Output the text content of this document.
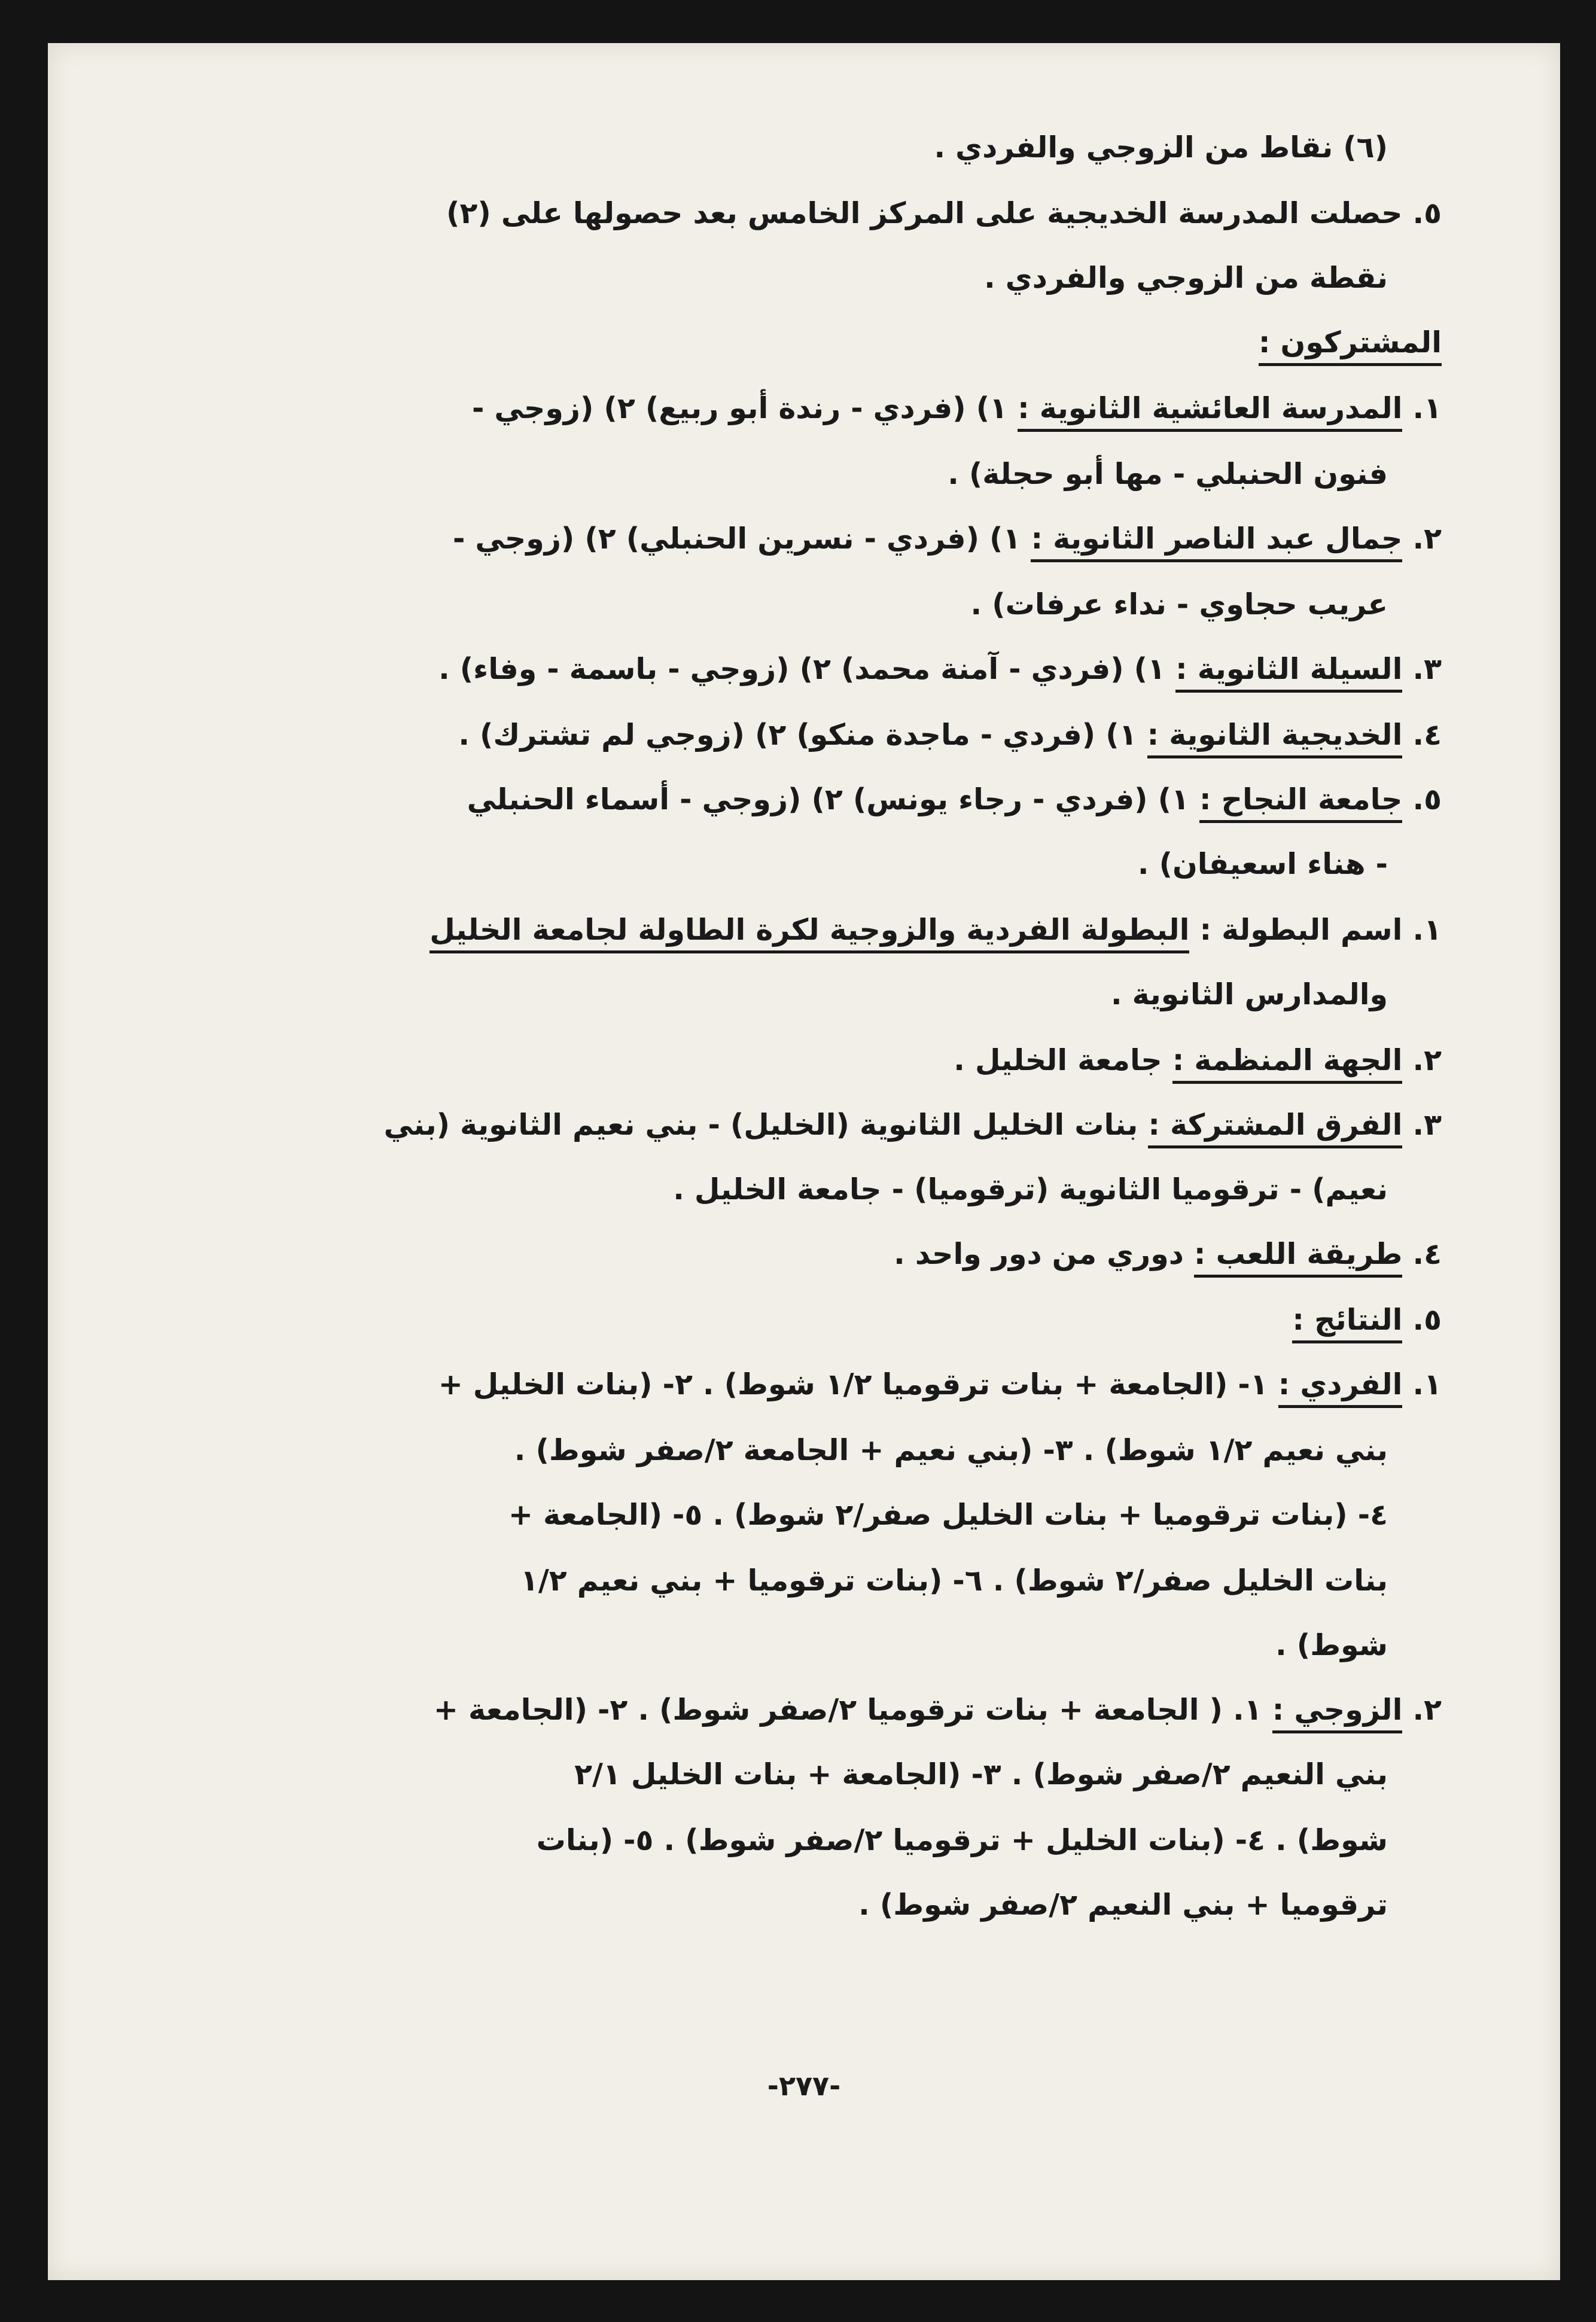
(٦) نقاط من الزوجي والفردي .
٥. حصلت المدرسة الخديجية على المركز الخامس بعد حصولها على (٢)
نقطة من الزوجي والفردي .
المشتركون :
١. المدرسة العائشية الثانوية : ١) (فردي - رندة أبو ربيع) ٢) (زوجي -
فنون الحنبلي - مها أبو حجلة) .
٢. جمال عبد الناصر الثانوية : ١) (فردي - نسرين الحنبلي) ٢) (زوجي -
عريب حجاوي - نداء عرفات) .
٣. السيلة الثانوية : ١) (فردي - آمنة محمد) ٢) (زوجي - باسمة - وفاء) .
٤. الخديجية الثانوية : ١) (فردي - ماجدة منكو) ٢) (زوجي لم تشترك) .
٥. جامعة النجاح : ١) (فردي - رجاء يونس) ٢) (زوجي - أسماء الحنبلي
- هناء اسعيفان) .
١. اسم البطولة : البطولة الفردية والزوجية لكرة الطاولة لجامعة الخليل
والمدارس الثانوية .
٢. الجهة المنظمة : جامعة الخليل .
٣. الفرق المشتركة : بنات الخليل الثانوية (الخليل) - بني نعيم الثانوية (بني
نعيم) - ترقوميا الثانوية (ترقوميا) - جامعة الخليل .
٤. طريقة اللعب : دوري من دور واحد .
٥. النتائج :
١. الفردي : ١- (الجامعة + بنات ترقوميا ١/٢ شوط) . ٢- (بنات الخليل +
بني نعيم ١/٢ شوط) . ٣- (بني نعيم + الجامعة ٢/صفر شوط) .
٤- (بنات ترقوميا + بنات الخليل صفر/٢ شوط) . ٥- (الجامعة +
بنات الخليل صفر/٢ شوط) . ٦- (بنات ترقوميا + بني نعيم ١/٢
شوط) .
٢. الزوجي : ١. ( الجامعة + بنات ترقوميا ٢/صفر شوط) . ٢- (الجامعة +
بني النعيم ٢/صفر شوط) . ٣- (الجامعة + بنات الخليل ٢/١
شوط) . ٤- (بنات الخليل + ترقوميا ٢/صفر شوط) . ٥- (بنات
ترقوميا + بني النعيم ٢/صفر شوط) .
-٢٧٧-
